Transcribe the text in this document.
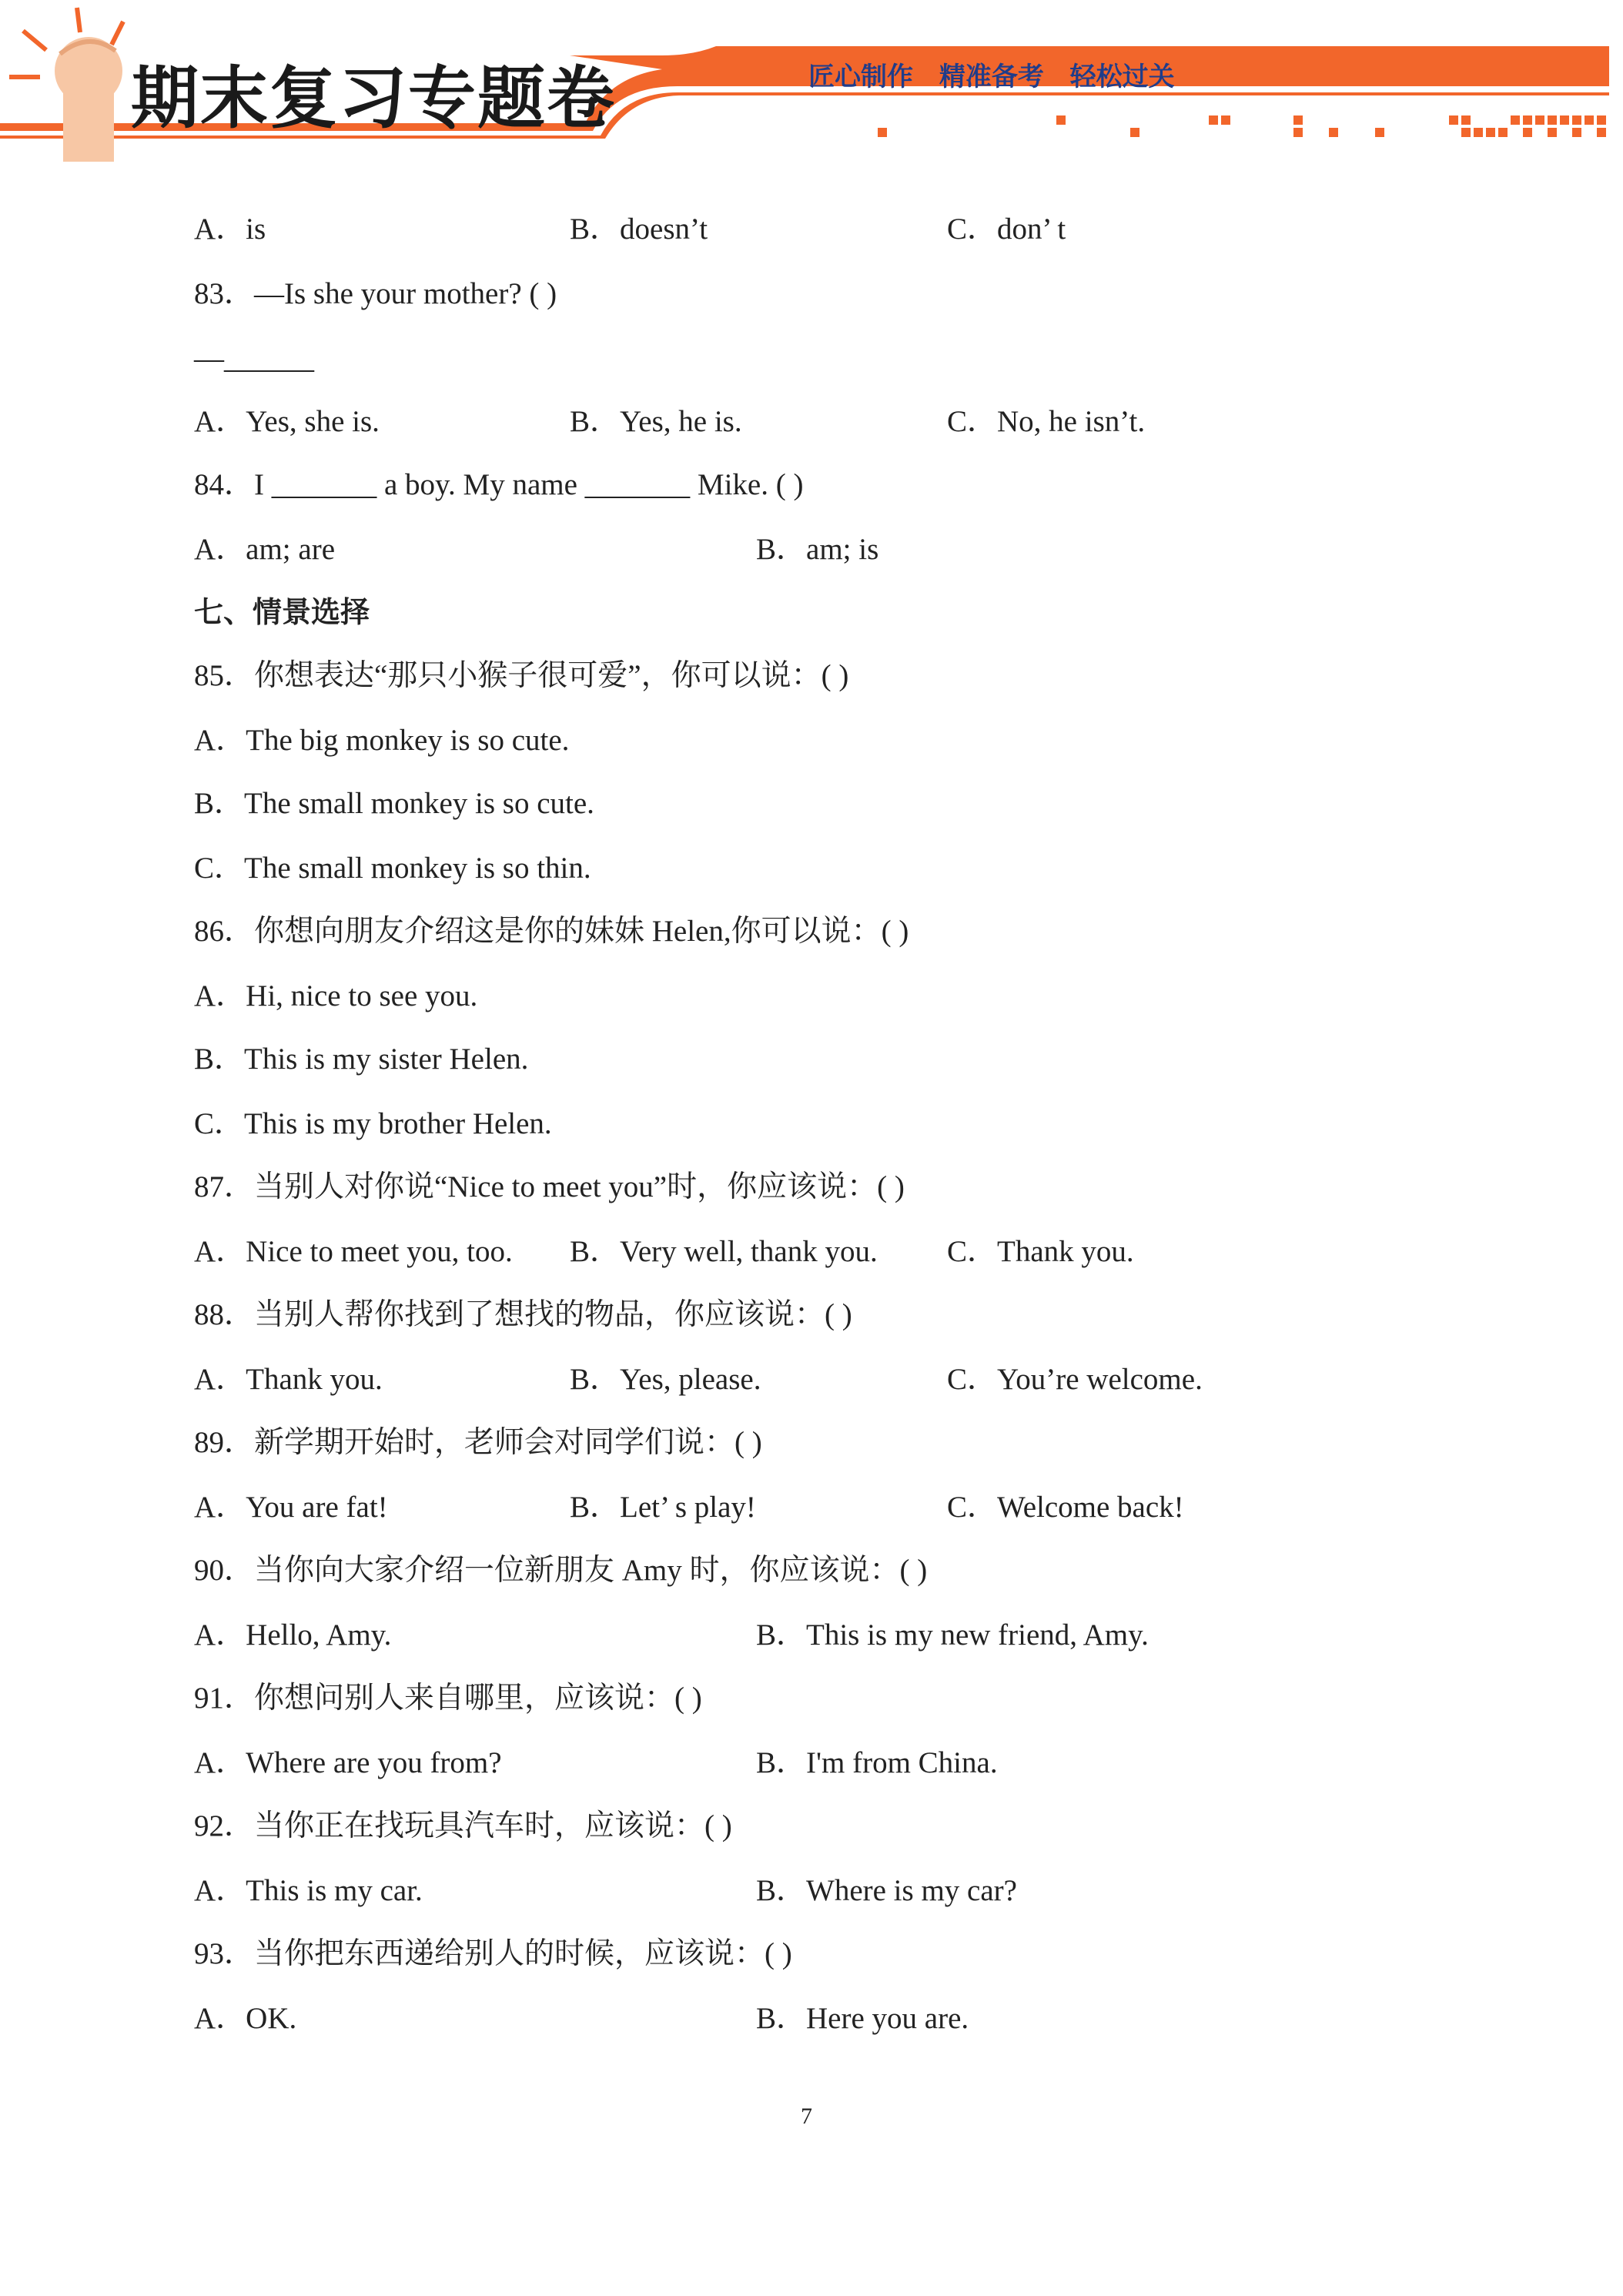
期末复习专题卷	匠心制作 精准备考 轻松过关
A．is	B．doesn’t	C．don’ t
83．—Is she your mother? ( )
—______
A．Yes, she is.	B．Yes, he is.	C．No, he isn’t.
84．I _______ a boy. My name _______ Mike. ( )
A．am; are	B．am; is
七、情景选择
85．你想表达“那只小猴子很可爱”，你可以说：( )
A．The big monkey is so cute.
B．The small monkey is so cute.
C．The small monkey is so thin.
86．你想向朋友介绍这是你的妹妹 Helen,你可以说：( )
A．Hi, nice to see you.
B．This is my sister Helen.
C．This is my brother Helen.
87．当别人对你说“Nice to meet you”时，你应该说：( )
A．Nice to meet you, too. B．Very well, thank you. C．Thank you.
88．当别人帮你找到了想找的物品，你应该说：( )
A．Thank you.	B．Yes, please.	C．You’re welcome.
89．新学期开始时，老师会对同学们说：( )
A．You are fat!	B．Let’ s play!	C．Welcome back!
90．当你向大家介绍一位新朋友 Amy 时，你应该说：( )
A．Hello, Amy.	B．This is my new friend, Amy.
91．你想问别人来自哪里，应该说：( )
A．Where are you from?	B．I'm from China.
92．当你正在找玩具汽车时，应该说：( )
A．This is my car.	B．Where is my car?
93．当你把东西递给别人的时候，应该说：( )
A．OK.	B．Here you are.
7
